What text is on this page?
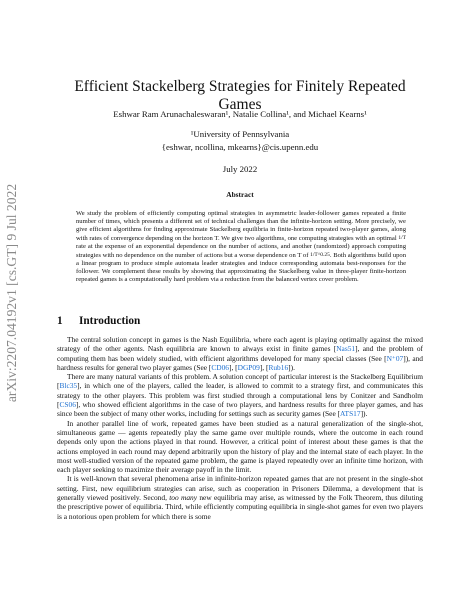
arXiv:2207.04192v1 [cs.GT] 9 Jul 2022
Efficient Stackelberg Strategies for Finitely Repeated Games
Eshwar Ram Arunachaleswaran¹, Natalie Collina¹, and Michael Kearns¹
¹University of Pennsylvania
{eshwar, ncollina, mkearns}@cis.upenn.edu
July 2022
Abstract

We study the problem of efficiently computing optimal strategies in asymmetric leader-follower games repeated a finite number of times, which presents a different set of technical challenges than the infinite-horizon setting. More precisely, we give efficient algorithms for finding approximate Stackelberg equilibria in finite-horizon repeated two-player games, along with rates of convergence depending on the horizon T. We give two algorithms, one computing strategies with an optimal 1/T rate at the expense of an exponential dependence on the number of actions, and another (randomized) approach computing strategies with no dependence on the number of actions but a worse dependence on T of 1/T^0.25. Both algorithms build upon a linear program to produce simple automata leader strategies and induce corresponding automata best-responses for the follower. We complement these results by showing that approximating the Stackelberg value in three-player finite-horizon repeated games is a computationally hard problem via a reduction from the balanced vertex cover problem.

1 Introduction

The central solution concept in games is the Nash Equilibria, where each agent is playing optimally against the mixed strategy of the other agents. Nash equilibria are known to always exist in finite games [Nas51], and the problem of computing them has been widely studied, with efficient algorithms developed for many special classes (See [N⁺07]), and hardness results for general two player games (See [CD06], [DGP09], [Rub16]).

There are many natural variants of this problem. A solution concept of particular interest is the Stackelberg Equilibrium [Blc35], in which one of the players, called the leader, is allowed to commit to a strategy first, and communicates this strategy to the other players. This problem was first studied through a computational lens by Conitzer and Sandholm [CS06], who showed efficient algorithms in the case of two players, and hardness results for three player games, and has since been the subject of many other works, including for settings such as security games (See [ATS17]).

In another parallel line of work, repeated games have been studied as a natural generalization of the single-shot, simultaneous game — agents repeatedly play the same game over multiple rounds, where the outcome in each round depends only upon the actions played in that round. However, a critical point of interest about these games is that the actions employed in each round may depend arbitrarily upon the history of play and the internal state of each player. In the most well-studied version of the repeated game problem, the game is played repeatedly over an infinite time horizon, with each player seeking to maximize their average payoff in the limit.

It is well-known that several phenomena arise in infinite-horizon repeated games that are not present in the single-shot setting. First, new equilibrium strategies can arise, such as cooperation in Prisoners Dilemma, a development that is generally viewed positively. Second, too many new equilibria may arise, as witnessed by the Folk Theorem, thus diluting the prescriptive power of equilibria. Third, while efficiently computing equilibria in single-shot games for even two players is a notorious open problem for which there is some
